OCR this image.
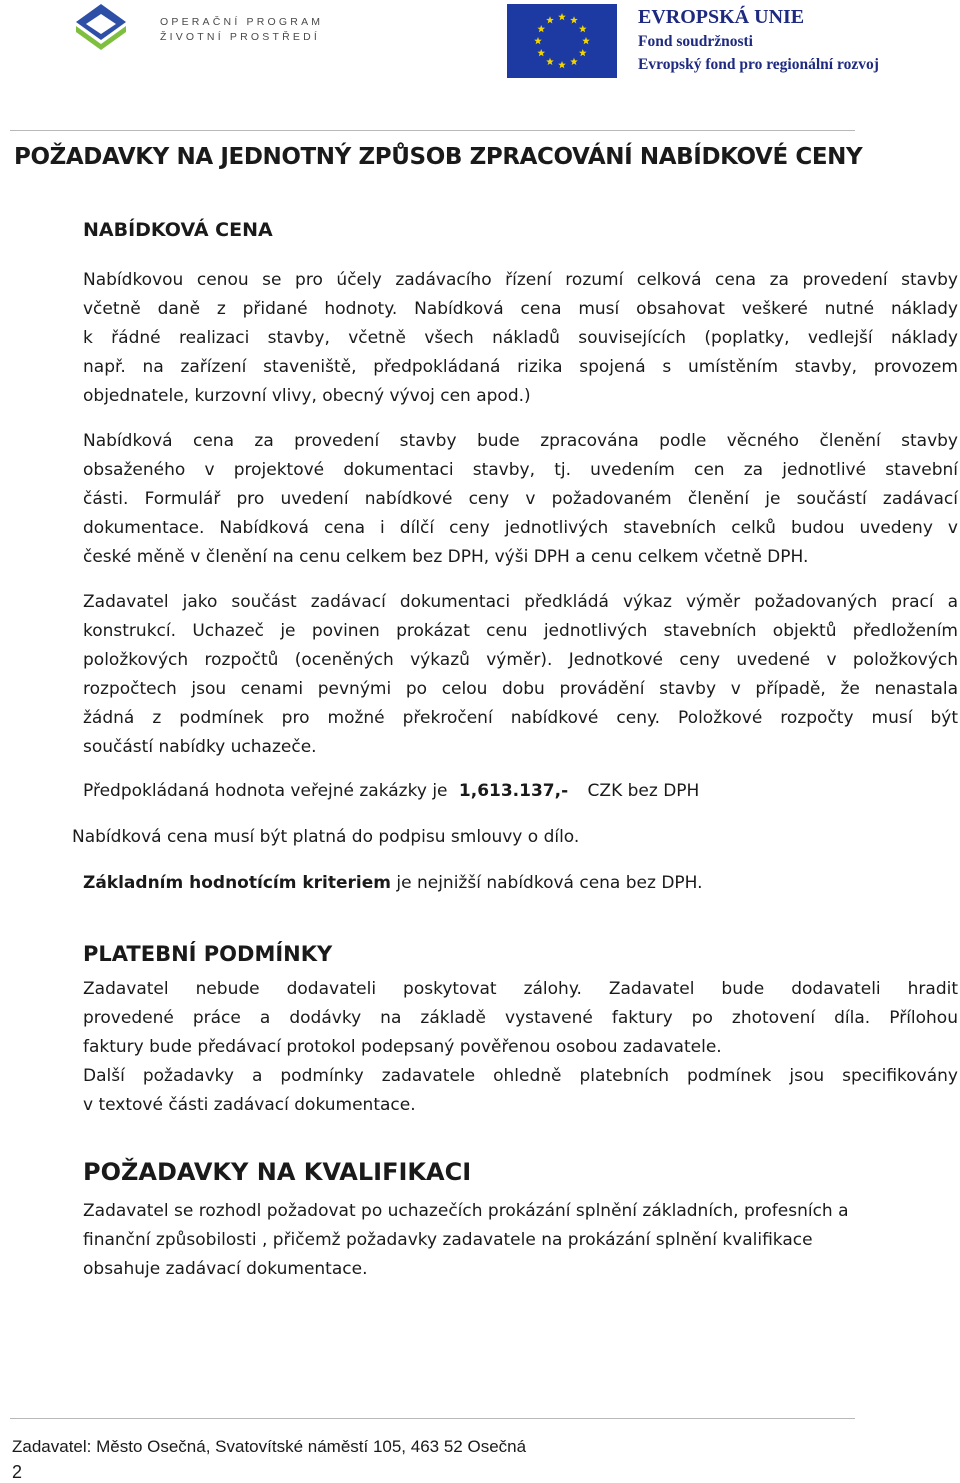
OPERAČNÍ PROGRAM
ŽIVOTNÍ PROSTŘEDÍ
EVROPSKÁ UNIE
Fond soudržnosti
Evropský fond pro regionální rozvoj
POŽADAVKY NA JEDNOTNÝ ZPŮSOB ZPRACOVÁNÍ NABÍDKOVÉ CENY
NABÍDKOVÁ CENA
Nabídkovou cenou se pro účely zadávacího řízení rozumí celková cena za provedení stavby
včetně daně z přidané hodnoty. Nabídková cena musí obsahovat veškeré nutné náklady
k řádné realizaci stavby, včetně všech nákladů souvisejících (poplatky, vedlejší náklady
např. na zařízení staveniště, předpokládaná rizika spojená s umístěním stavby, provozem
objednatele, kurzovní vlivy, obecný vývoj cen apod.)
Nabídková cena za provedení stavby bude zpracována podle věcného členění stavby
obsaženého v projektové dokumentaci stavby, tj. uvedením cen za jednotlivé stavební
části. Formulář pro uvedení nabídkové ceny v požadovaném členění je součástí zadávací
dokumentace. Nabídková cena i dílčí ceny jednotlivých stavebních celků budou uvedeny v
české měně v členění na cenu celkem bez DPH, výši DPH a cenu celkem včetně DPH.
Zadavatel jako součást zadávací dokumentaci předkládá výkaz výměr požadovaných prací a
konstrukcí. Uchazeč je povinen prokázat cenu jednotlivých stavebních objektů předložením
položkových rozpočtů (oceněných výkazů výměr). Jednotkové ceny uvedené v položkových
rozpočtech jsou cenami pevnými po celou dobu provádění stavby v případě, že nenastala
žádná z podmínek pro možné překročení nabídkové ceny. Položkové rozpočty musí být
součástí nabídky uchazeče.
Předpokládaná hodnota veřejné zakázky je 1,613.137,- CZK bez DPH
Nabídková cena musí být platná do podpisu smlouvy o dílo.
Základním hodnotícím kriteriem je nejnižší nabídková cena bez DPH.
PLATEBNÍ PODMÍNKY
Zadavatel nebude dodavateli poskytovat zálohy. Zadavatel bude dodavateli hradit
provedené práce a dodávky na základě vystavené faktury po zhotovení díla. Přílohou
faktury bude předávací protokol podepsaný pověřenou osobou zadavatele.
Další požadavky a podmínky zadavatele ohledně platebních podmínek jsou specifikovány
v textové části zadávací dokumentace.
POŽADAVKY NA KVALIFIKACI
Zadavatel se rozhodl požadovat po uchazečích prokázání splnění základních, profesních a
finanční způsobilosti , přičemž požadavky zadavatele na prokázání splnění kvalifikace
obsahuje zadávací dokumentace.
Zadavatel: Město Osečná, Svatovítské náměstí 105, 463 52 Osečná
2
